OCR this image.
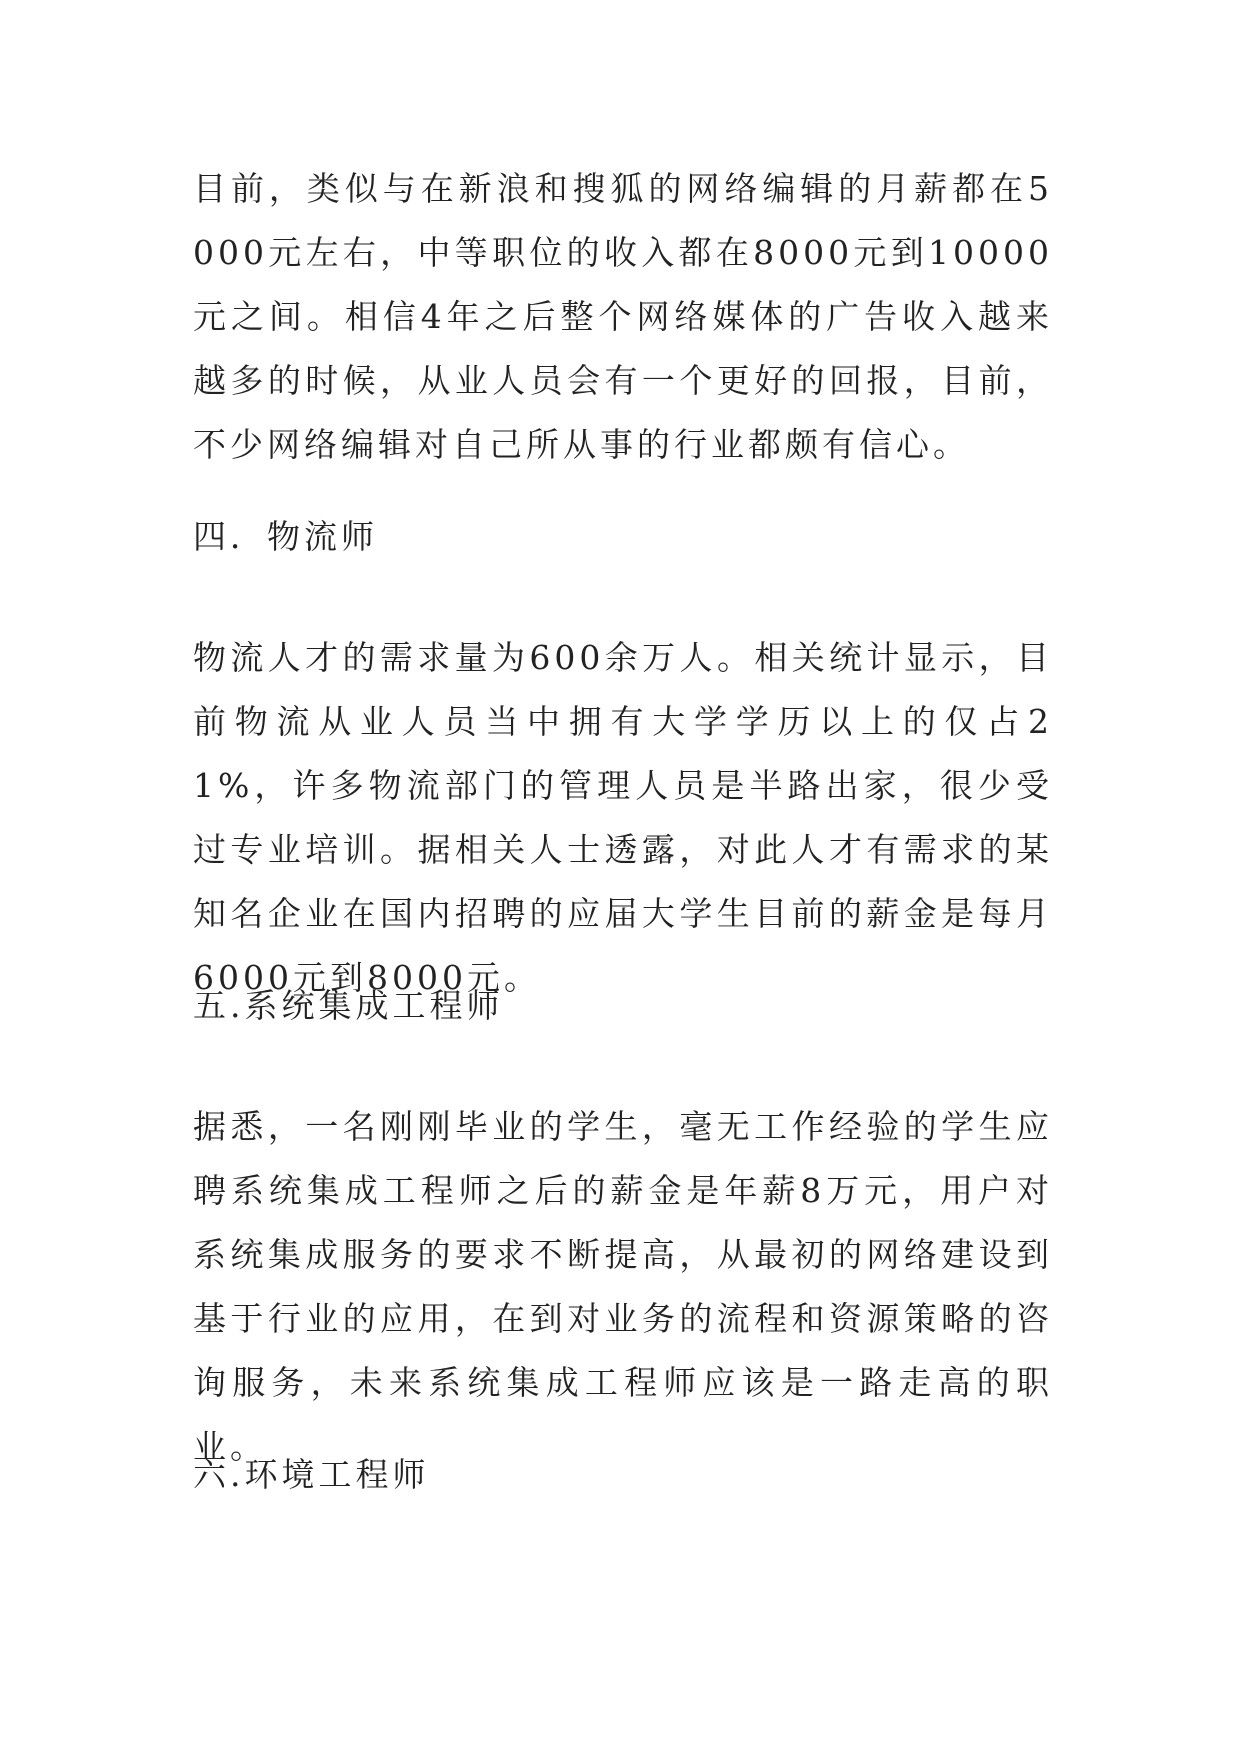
目前，类似与在新浪和搜狐的网络编辑的月薪都在5000元左右，中等职位的收入都在8000元到10000元之间。相信4年之后整个网络媒体的广告收入越来越多的时候，从业人员会有一个更好的回报，目前，不少网络编辑对自己所从事的行业都颇有信心。

四．物流师

物流人才的需求量为600余万人。相关统计显示，目前物流从业人员当中拥有大学学历以上的仅占21%，许多物流部门的管理人员是半路出家，很少受过专业培训。据相关人士透露，对此人才有需求的某知名企业在国内招聘的应届大学生目前的薪金是每月6000元到8000元。

五.系统集成工程师

据悉，一名刚刚毕业的学生，毫无工作经验的学生应聘系统集成工程师之后的薪金是年薪8万元，用户对系统集成服务的要求不断提高，从最初的网络建设到基于行业的应用，在到对业务的流程和资源策略的咨询服务，未来系统集成工程师应该是一路走高的职业。

六.环境工程师
